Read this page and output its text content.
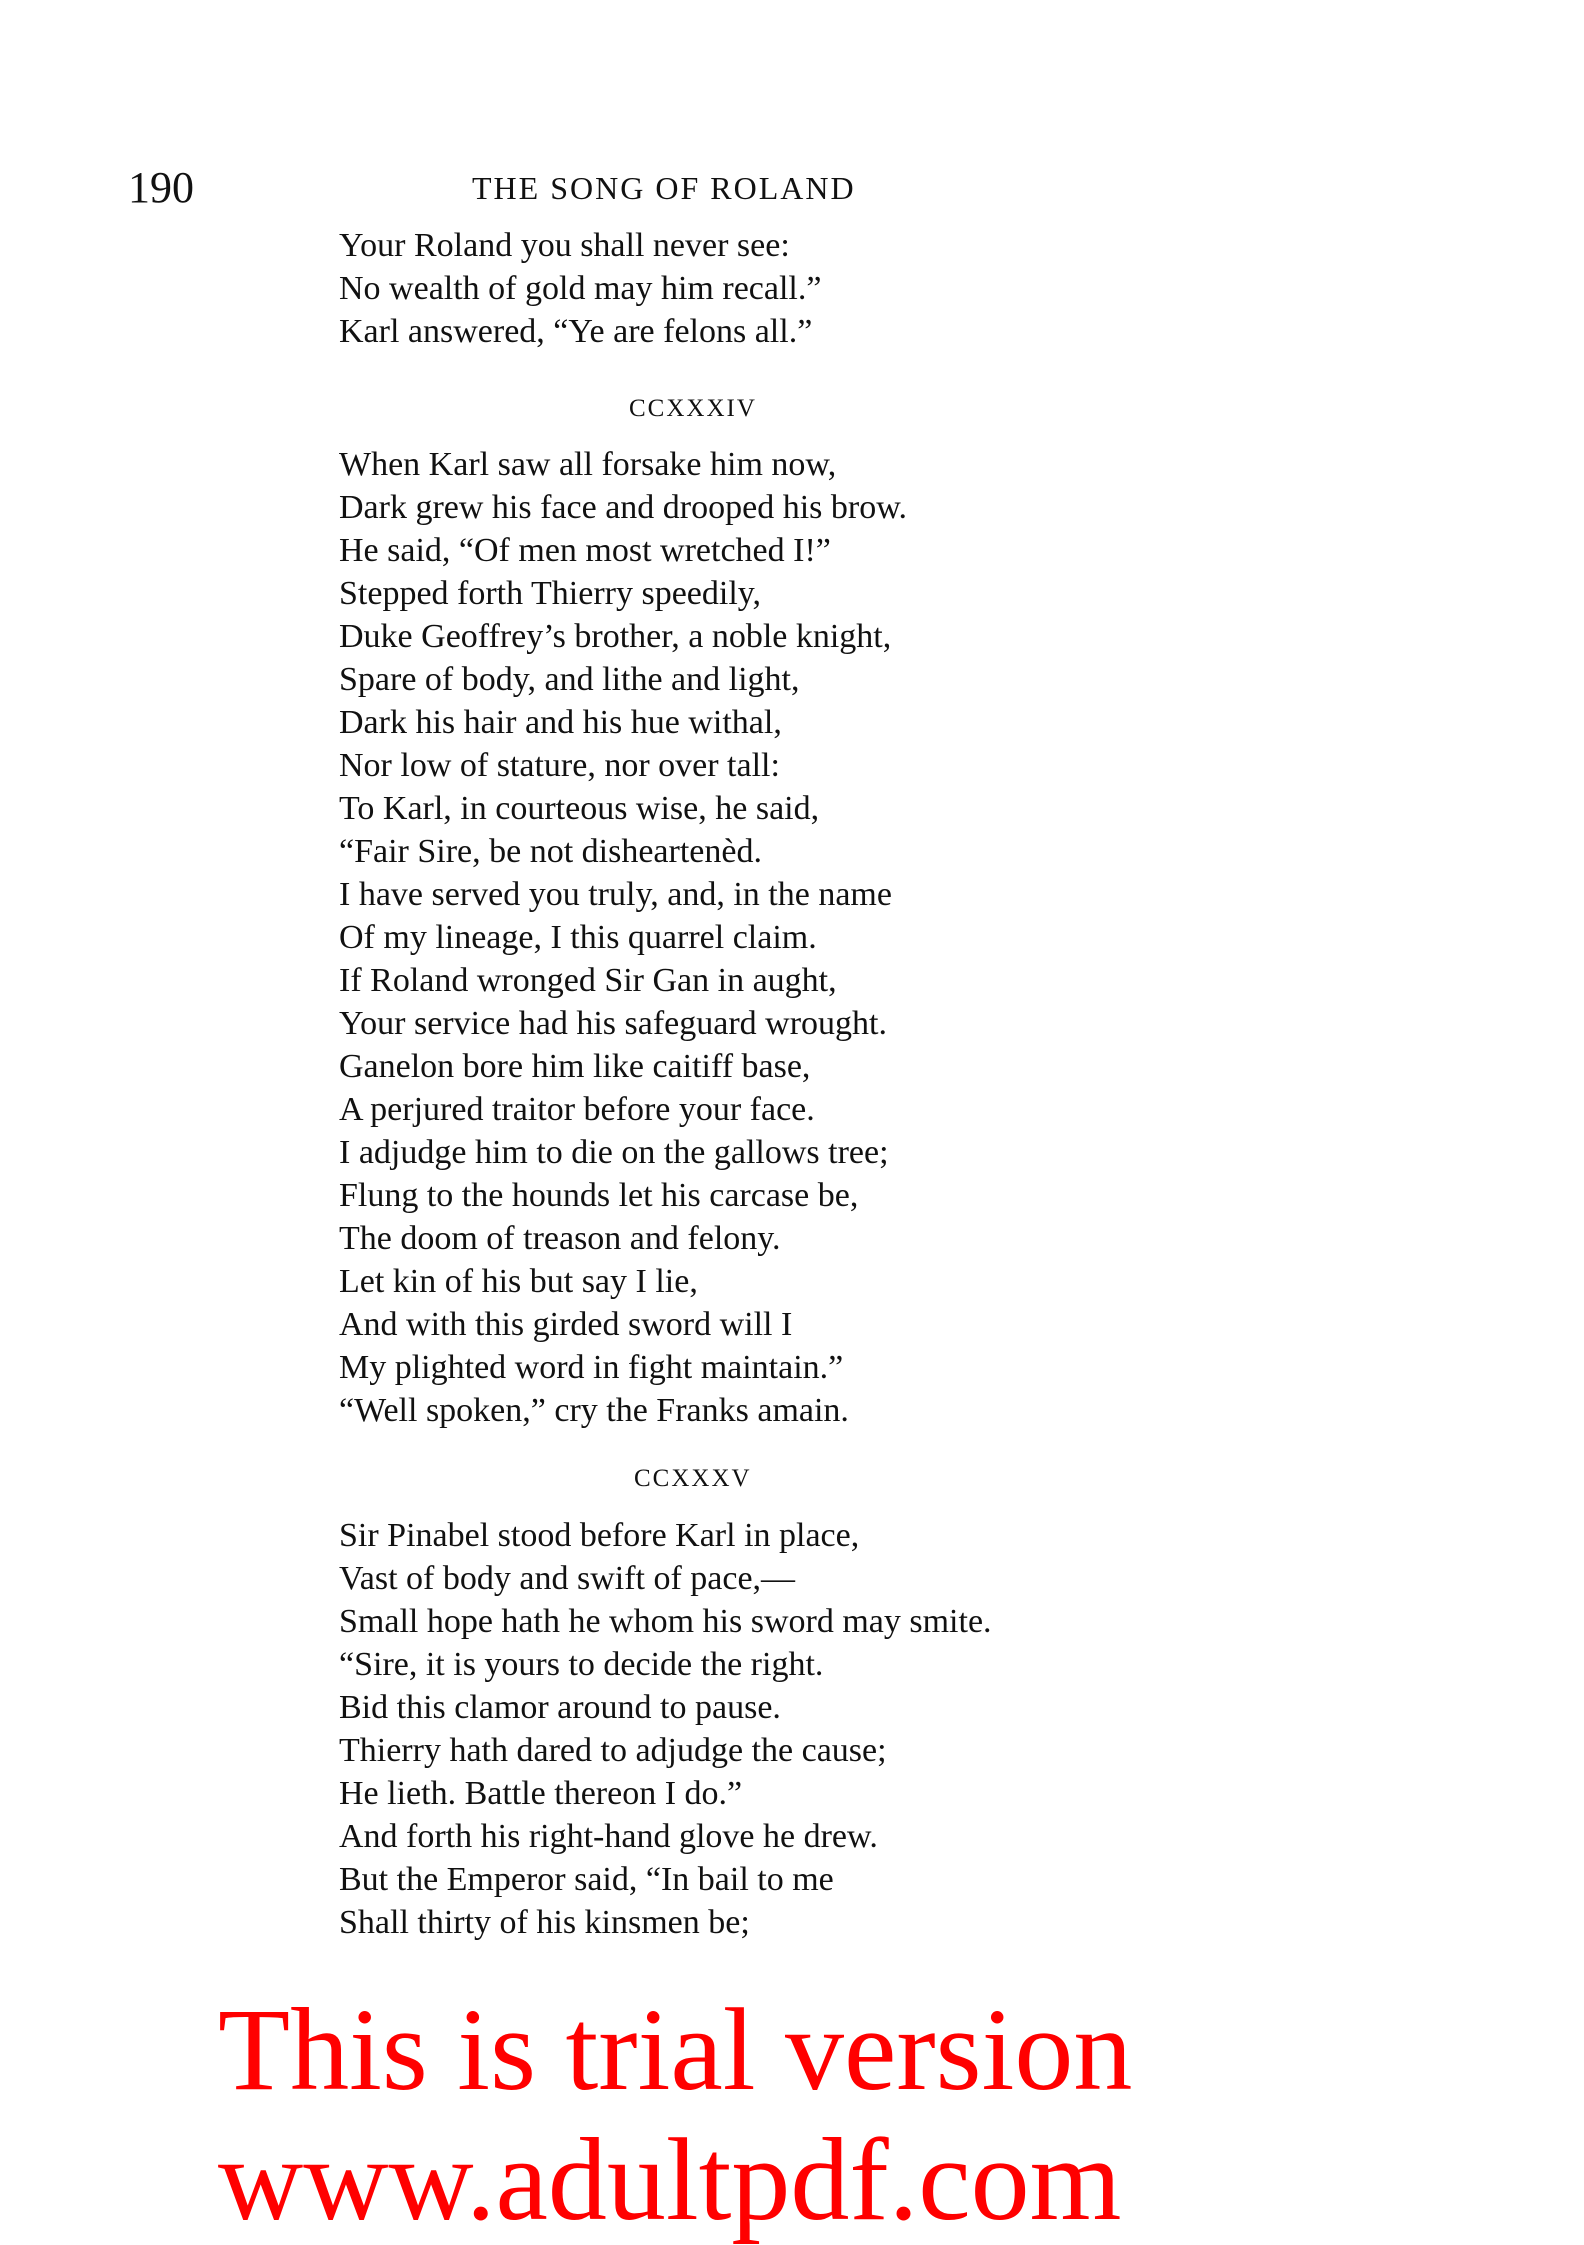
190	THE SONG OF ROLAND
Your Roland you shall never see:
No wealth of gold may him recall.”
Karl answered, “Ye are felons all.”
CCXXXIV
When Karl saw all forsake him now,
Dark grew his face and drooped his brow.
He said, “Of men most wretched I!”
Stepped forth Thierry speedily,
Duke Geoffrey’s brother, a noble knight,
Spare of body, and lithe and light,
Dark his hair and his hue withal,
Nor low of stature, nor over tall:
To Karl, in courteous wise, he said,
“Fair Sire, be not disheartenèd.
I have served you truly, and, in the name
Of my lineage, I this quarrel claim.
If Roland wronged Sir Gan in aught,
Your service had his safeguard wrought.
Ganelon bore him like caitiff base,
A perjured traitor before your face.
I adjudge him to die on the gallows tree;
Flung to the hounds let his carcase be,
The doom of treason and felony.
Let kin of his but say I lie,
And with this girded sword will I
My plighted word in fight maintain.”
“Well spoken,” cry the Franks amain.
CCXXXV
Sir Pinabel stood before Karl in place,
Vast of body and swift of pace,—
Small hope hath he whom his sword may smite.
“Sire, it is yours to decide the right.
Bid this clamor around to pause.
Thierry hath dared to adjudge the cause;
He lieth. Battle thereon I do.”
And forth his right-hand glove he drew.
But the Emperor said, “In bail to me
Shall thirty of his kinsmen be;
This is trial version
www.adultpdf.com
